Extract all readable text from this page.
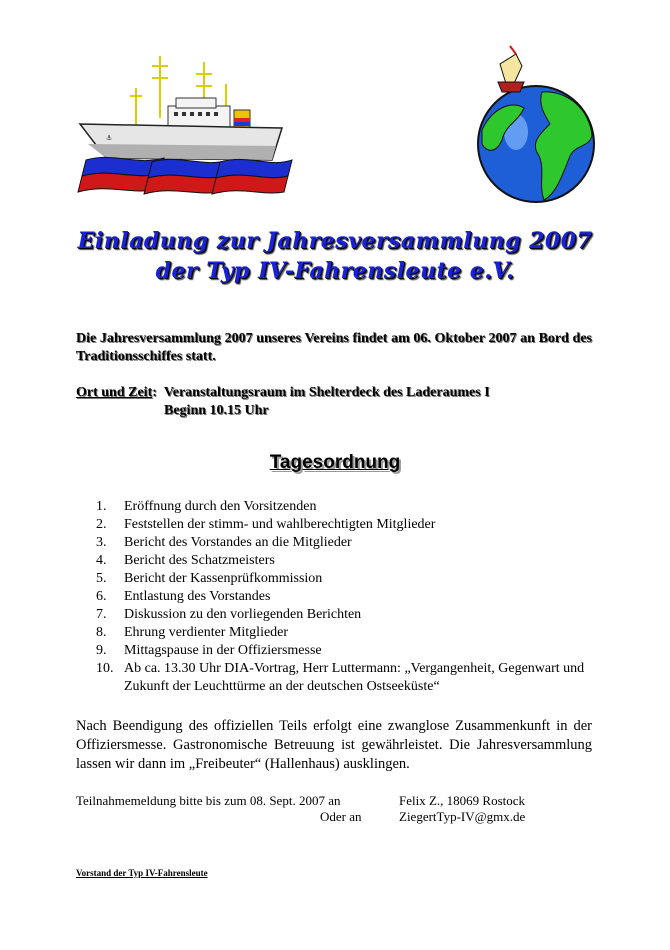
⚓
Einladung zur Jahresversammlung 2007 der Typ IV-Fahrensleute e.V.
Die Jahresversammlung 2007 unseres Vereins findet am 06. Oktober 2007 an Bord des Traditionsschiffes statt.
Ort und Zeit:  Veranstaltungsraum im Shelterdeck des Laderaumes I
Beginn 10.15 Uhr
Tagesordnung
1.	Eröffnung durch den Vorsitzenden
2.	Feststellen der stimm- und wahlberechtigten Mitglieder
3.	Bericht des Vorstandes an die Mitglieder
4.	Bericht des Schatzmeisters
5.	Bericht der Kassenprüfkommission
6.	Entlastung des Vorstandes
7.	Diskussion zu den vorliegenden Berichten
8.	Ehrung verdienter Mitglieder
9.	Mittagspause in der Offiziersmesse
10. Ab ca. 13.30 Uhr DIA-Vortrag, Herr Luttermann: „Vergangenheit, Gegenwart und Zukunft der Leuchttürme an der deutschen Ostseeküste“
Nach Beendigung des offiziellen Teils erfolgt eine zwanglose Zusammenkunft in der Offiziersmesse. Gastronomische Betreuung ist gewährleistet. Die Jahresversammlung lassen wir dann im „Freibeuter“ (Hallenhaus) ausklingen.
Teilnahmemeldung bitte bis zum 08. Sept. 2007 an	Felix Z., 18069 Rostock
Oder an	ZiegertTyp-IV@gmx.de
Vorstand der Typ IV-Fahrensleute
